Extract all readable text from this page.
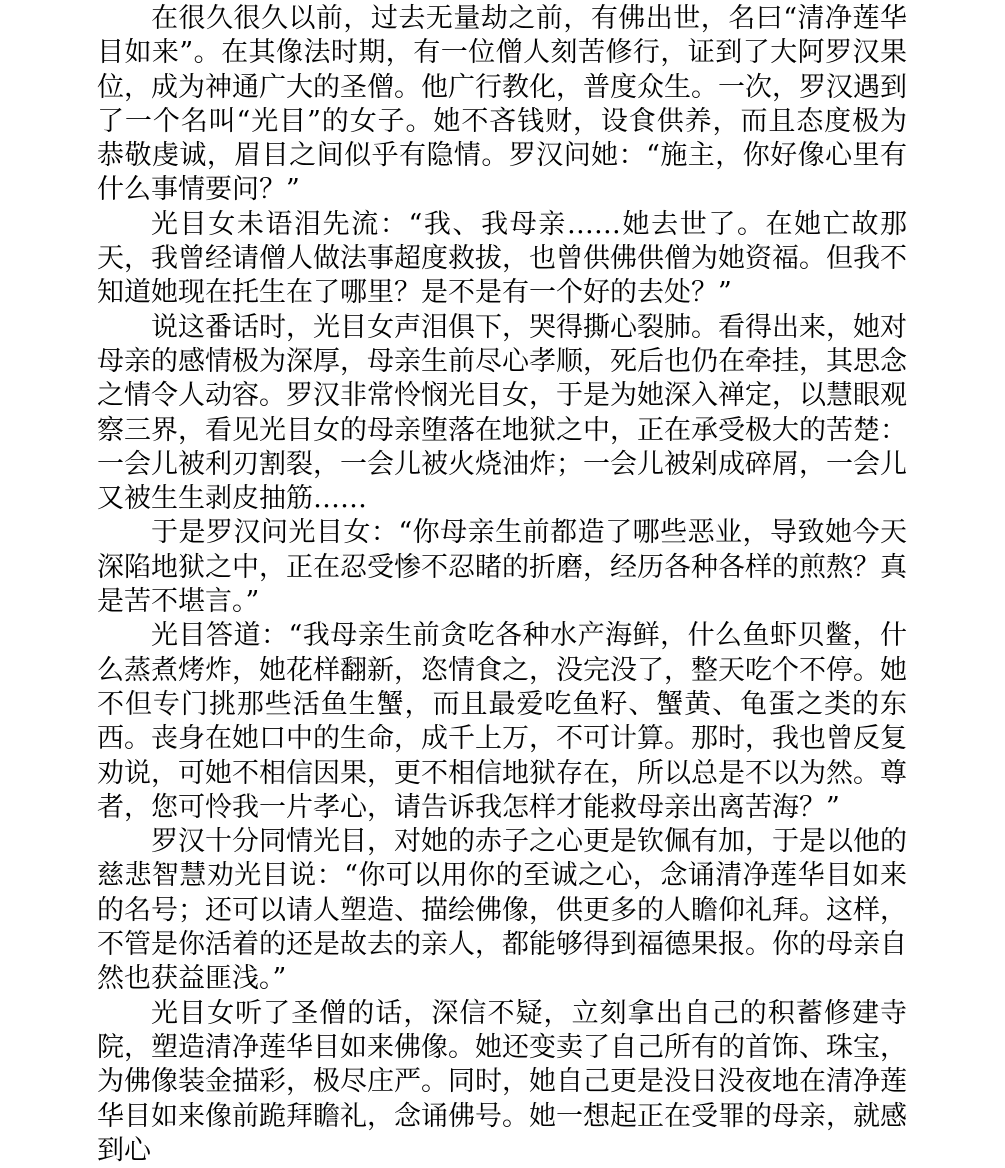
在很久很久以前，过去无量劫之前，有佛出世，名曰“清净莲华目如来”。在其像法时期，有一位僧人刻苦修行，证到了大阿罗汉果位，成为神通广大的圣僧。他广行教化，普度众生。一次，罗汉遇到了一个名叫“光目”的女子。她不吝钱财，设食供养，而且态度极为恭敬虔诚，眉目之间似乎有隐情。罗汉问她：“施主，你好像心里有什么事情要问？”

光目女未语泪先流：“我、我母亲……她去世了。在她亡故那天，我曾经请僧人做法事超度救拔，也曾供佛供僧为她资福。但我不知道她现在托生在了哪里？是不是有一个好的去处？”

说这番话时，光目女声泪俱下，哭得撕心裂肺。看得出来，她对母亲的感情极为深厚，母亲生前尽心孝顺，死后也仍在牵挂，其思念之情令人动容。罗汉非常怜悯光目女，于是为她深入禅定，以慧眼观察三界，看见光目女的母亲堕落在地狱之中，正在承受极大的苦楚：一会儿被利刃割裂，一会儿被火烧油炸；一会儿被剁成碎屑，一会儿又被生生剥皮抽筋……

于是罗汉问光目女：“你母亲生前都造了哪些恶业，导致她今天深陷地狱之中，正在忍受惨不忍睹的折磨，经历各种各样的煎熬？真是苦不堪言。”

光目答道：“我母亲生前贪吃各种水产海鲜，什么鱼虾贝鳖，什么蒸煮烤炸，她花样翻新，恣情食之，没完没了，整天吃个不停。她不但专门挑那些活鱼生蟹，而且最爱吃鱼籽、蟹黄、龟蛋之类的东西。丧身在她口中的生命，成千上万，不可计算。那时，我也曾反复劝说，可她不相信因果，更不相信地狱存在，所以总是不以为然。尊者，您可怜我一片孝心，请告诉我怎样才能救母亲出离苦海？”

罗汉十分同情光目，对她的赤子之心更是钦佩有加，于是以他的慈悲智慧劝光目说：“你可以用你的至诚之心，念诵清净莲华目如来的名号；还可以请人塑造、描绘佛像，供更多的人瞻仰礼拜。这样，不管是你活着的还是故去的亲人，都能够得到福德果报。你的母亲自然也获益匪浅。”

光目女听了圣僧的话，深信不疑，立刻拿出自己的积蓄修建寺院，塑造清净莲华目如来佛像。她还变卖了自己所有的首饰、珠宝，为佛像装金描彩，极尽庄严。同时，她自己更是没日没夜地在清净莲华目如来像前跪拜瞻礼，念诵佛号。她一想起正在受罪的母亲，就感到心
